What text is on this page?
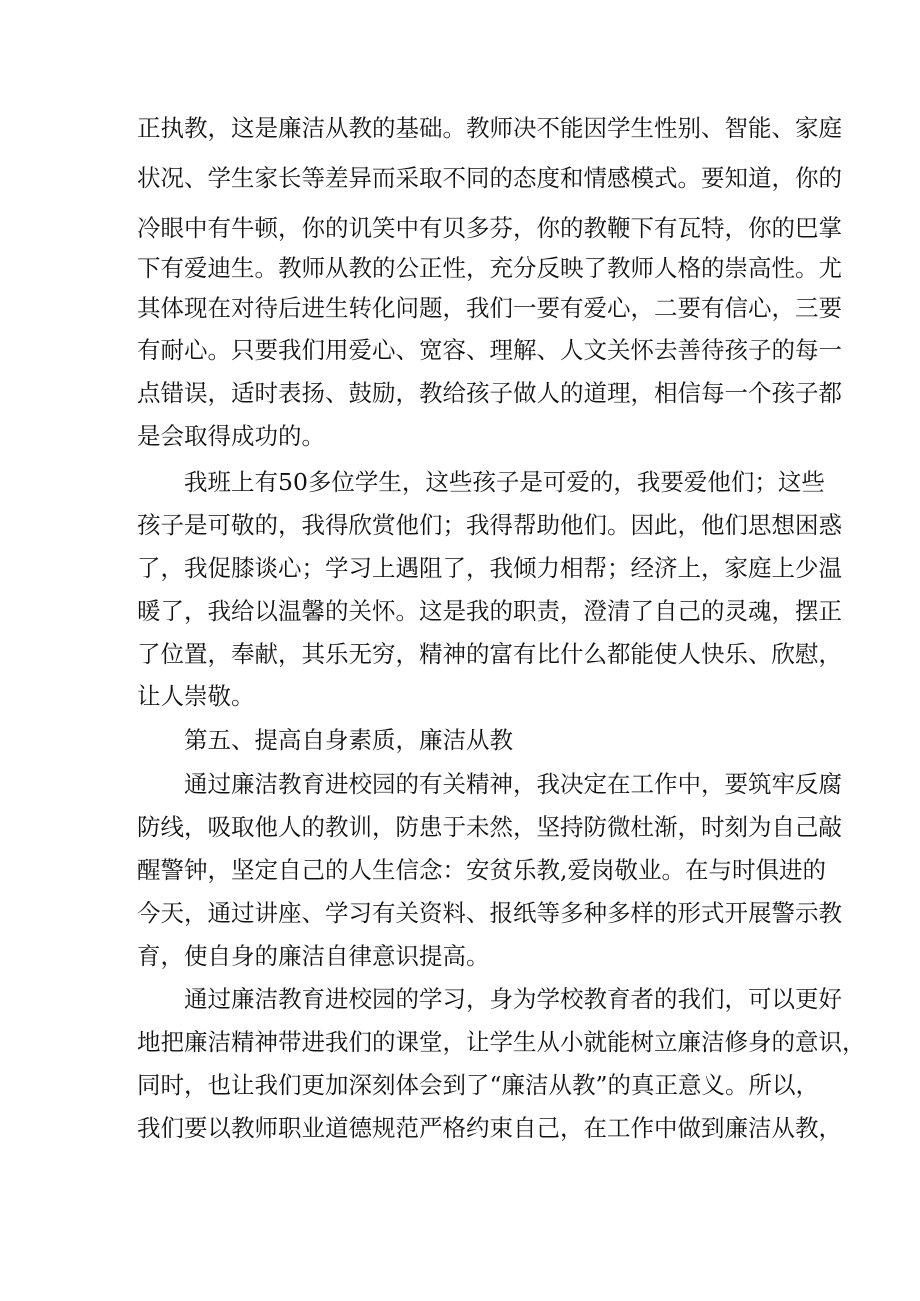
正执教，这是廉洁从教的基础。教师决不能因学生性别、智能、家庭
状况、学生家长等差异而采取不同的态度和情感模式。要知道，你的
冷眼中有牛顿，你的讥笑中有贝多芬，你的教鞭下有瓦特，你的巴掌
下有爱迪生。教师从教的公正性，充分反映了教师人格的崇高性。尤
其体现在对待后进生转化问题，我们一要有爱心，二要有信心，三要
有耐心。只要我们用爱心、宽容、理解、人文关怀去善待孩子的每一
点错误，适时表扬、鼓励，教给孩子做人的道理，相信每一个孩子都
是会取得成功的。
我班上有50多位学生，这些孩子是可爱的，我要爱他们；这些
孩子是可敬的，我得欣赏他们；我得帮助他们。因此，他们思想困惑
了，我促膝谈心；学习上遇阻了，我倾力相帮；经济上，家庭上少温
暖了，我给以温馨的关怀。这是我的职责，澄清了自己的灵魂，摆正
了位置，奉献，其乐无穷，精神的富有比什么都能使人快乐、欣慰，
让人崇敬。
第五、提高自身素质，廉洁从教
通过廉洁教育进校园的有关精神，我决定在工作中，要筑牢反腐
防线，吸取他人的教训，防患于未然，坚持防微杜渐，时刻为自己敲
醒警钟，坚定自己的人生信念：安贫乐教,爱岗敬业。在与时俱进的
今天，通过讲座、学习有关资料、报纸等多种多样的形式开展警示教
育，使自身的廉洁自律意识提高。
通过廉洁教育进校园的学习，身为学校教育者的我们，可以更好
地把廉洁精神带进我们的课堂，让学生从小就能树立廉洁修身的意识，
同时，也让我们更加深刻体会到了“廉洁从教”的真正意义。所以，
我们要以教师职业道德规范严格约束自己，在工作中做到廉洁从教，
